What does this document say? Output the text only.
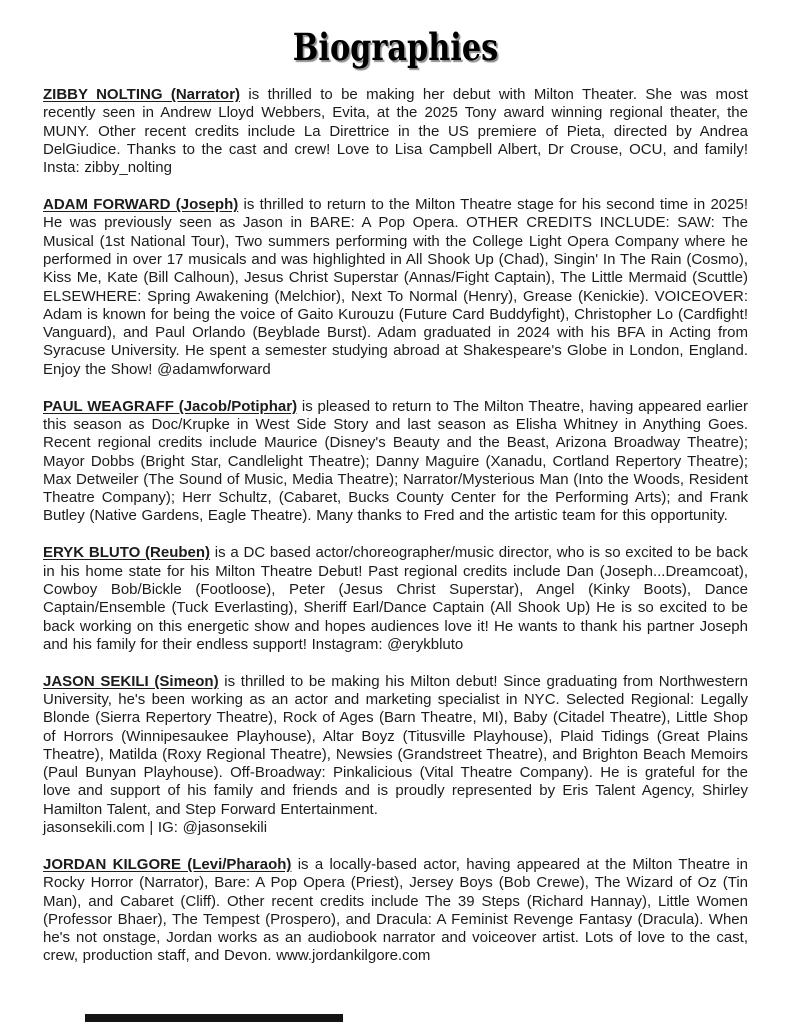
Biographies

ZIBBY NOLTING (Narrator) is thrilled to be making her debut with Milton Theater. She was most recently seen in Andrew Lloyd Webbers, Evita, at the 2025 Tony award winning regional theater, the MUNY. Other recent credits include La Direttrice in the US premiere of Pieta, directed by Andrea DelGiudice. Thanks to the cast and crew! Love to Lisa Campbell Albert, Dr Crouse, OCU, and family! Insta: zibby_nolting

ADAM FORWARD (Joseph) is thrilled to return to the Milton Theatre stage for his second time in 2025! He was previously seen as Jason in BARE: A Pop Opera. OTHER CREDITS INCLUDE: SAW: The Musical (1st National Tour), Two summers performing with the College Light Opera Company where he performed in over 17 musicals and was highlighted in All Shook Up (Chad), Singin' In The Rain (Cosmo), Kiss Me, Kate (Bill Calhoun), Jesus Christ Superstar (Annas/Fight Captain), The Little Mermaid (Scuttle) ELSEWHERE: Spring Awakening (Melchior), Next To Normal (Henry), Grease (Kenickie). VOICEOVER: Adam is known for being the voice of Gaito Kurouzu (Future Card Buddyfight), Christopher Lo (Cardfight! Vanguard), and Paul Orlando (Beyblade Burst). Adam graduated in 2024 with his BFA in Acting from Syracuse University. He spent a semester studying abroad at Shakespeare's Globe in London, England. Enjoy the Show! @adamwforward

PAUL WEAGRAFF (Jacob/Potiphar) is pleased to return to The Milton Theatre, having appeared earlier this season as Doc/Krupke in West Side Story and last season as Elisha Whitney in Anything Goes. Recent regional credits include Maurice (Disney's Beauty and the Beast, Arizona Broadway Theatre); Mayor Dobbs (Bright Star, Candlelight Theatre); Danny Maguire (Xanadu, Cortland Repertory Theatre); Max Detweiler (The Sound of Music, Media Theatre); Narrator/Mysterious Man (Into the Woods, Resident Theatre Company); Herr Schultz, (Cabaret, Bucks County Center for the Performing Arts); and Frank Butley (Native Gardens, Eagle Theatre). Many thanks to Fred and the artistic team for this opportunity.

ERYK BLUTO (Reuben) is a DC based actor/choreographer/music director, who is so excited to be back in his home state for his Milton Theatre Debut! Past regional credits include Dan (Joseph...Dreamcoat), Cowboy Bob/Bickle (Footloose), Peter (Jesus Christ Superstar), Angel (Kinky Boots), Dance Captain/Ensemble (Tuck Everlasting), Sheriff Earl/Dance Captain (All Shook Up) He is so excited to be back working on this energetic show and hopes audiences love it! He wants to thank his partner Joseph and his family for their endless support! Instagram: @erykbluto

JASON SEKILI (Simeon) is thrilled to be making his Milton debut! Since graduating from Northwestern University, he's been working as an actor and marketing specialist in NYC. Selected Regional: Legally Blonde (Sierra Repertory Theatre), Rock of Ages (Barn Theatre, MI), Baby (Citadel Theatre), Little Shop of Horrors (Winnipesaukee Playhouse), Altar Boyz (Titusville Playhouse), Plaid Tidings (Great Plains Theatre), Matilda (Roxy Regional Theatre), Newsies (Grandstreet Theatre), and Brighton Beach Memoirs (Paul Bunyan Playhouse). Off-Broadway: Pinkalicious (Vital Theatre Company). He is grateful for the love and support of his family and friends and is proudly represented by Eris Talent Agency, Shirley Hamilton Talent, and Step Forward Entertainment.
jasonsekili.com | IG: @jasonsekili

JORDAN KILGORE (Levi/Pharaoh) is a locally-based actor, having appeared at the Milton Theatre in Rocky Horror (Narrator), Bare: A Pop Opera (Priest), Jersey Boys (Bob Crewe), The Wizard of Oz (Tin Man), and Cabaret (Cliff). Other recent credits include The 39 Steps (Richard Hannay), Little Women (Professor Bhaer), The Tempest (Prospero), and Dracula: A Feminist Revenge Fantasy (Dracula). When he's not onstage, Jordan works as an audiobook narrator and voiceover artist. Lots of love to the cast, crew, production staff, and Devon. www.jordankilgore.com
